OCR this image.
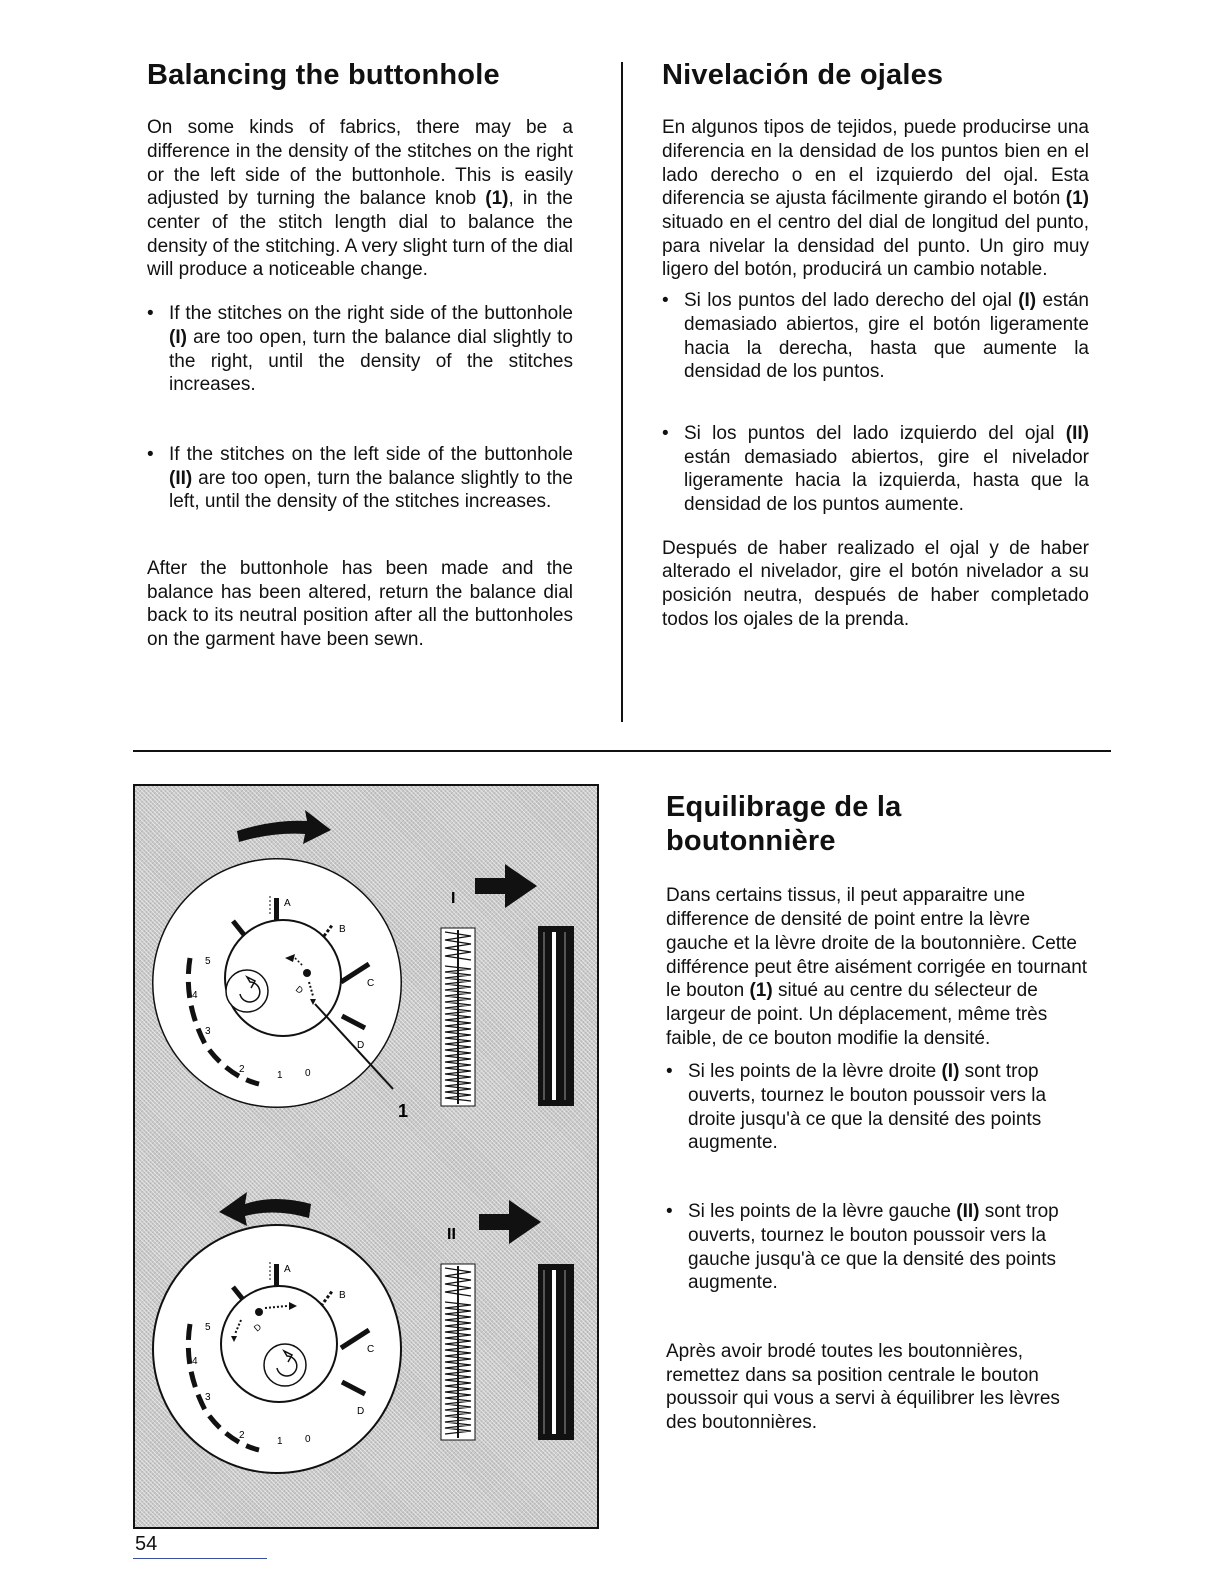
Balancing the buttonhole

On some kinds of fabrics, there may be a difference in the density of the stitches on the right or the left side of the buttonhole. This is easily adjusted by turning the balance knob (1), in the center of the stitch length dial to balance the density of the stitching. A very slight turn of the dial will produce a noticeable change.

• If the stitches on the right side of the buttonhole (I) are too open, turn the balance dial slightly to the right, until the density of the stitches increases.
• If the stitches on the left side of the buttonhole (II) are too open, turn the balance slightly to the left, until the density of the stitches increases.

After the buttonhole has been made and the balance has been altered, return the balance dial back to its neutral position after all the buttonholes on the garment have been sewn.

Nivelación de ojales

En algunos tipos de tejidos, puede producirse una diferencia en la densidad de los puntos bien en el lado derecho o en el izquierdo del ojal. Esta diferencia se ajusta fácilmente girando el botón (1) situado en el centro del dial de longitud del punto, para nivelar la densidad del punto. Un giro muy ligero del botón, producirá un cambio notable.

• Si los puntos del lado derecho del ojal (I) están demasiado abiertos, gire el botón ligeramente hacia la derecha, hasta que aumente la densidad de los puntos.
• Si los puntos del lado izquierdo del ojal (II) están demasiado abiertos, gire el nivelador ligeramente hacia la izquierda, hasta que la densidad de los puntos aumente.

Después de haber realizado el ojal y de haber alterado el nivelador, gire el botón nivelador a su posición neutra, después de haber completado todos los ojales de la prenda.

A
B
C
D
0
1
2
3
4
5
D
1
I
A
B
C
D
0
1
2
3
4
5	D
II
Equilibrage de la
boutonnière

Dans certains tissus, il peut apparaitre une difference de densité de point entre la lèvre gauche et la lèvre droite de la boutonnière. Cette différence peut être aisément corrigée en tournant le bouton (1) situé au centre du sélecteur de largeur de point. Un déplacement, même très faible, de ce bouton modifie la densité.

• Si les points de la lèvre droite (I) sont trop ouverts, tournez le bouton poussoir vers la droite jusqu'à ce que la densité des points augmente.
• Si les points de la lèvre gauche (II) sont trop ouverts, tournez le bouton poussoir vers la gauche jusqu'à ce que la densité des points augmente.

Après avoir brodé toutes les boutonnières, remettez dans sa position centrale le bouton poussoir qui vous a servi à équilibrer les lèvres des boutonnières.

54
